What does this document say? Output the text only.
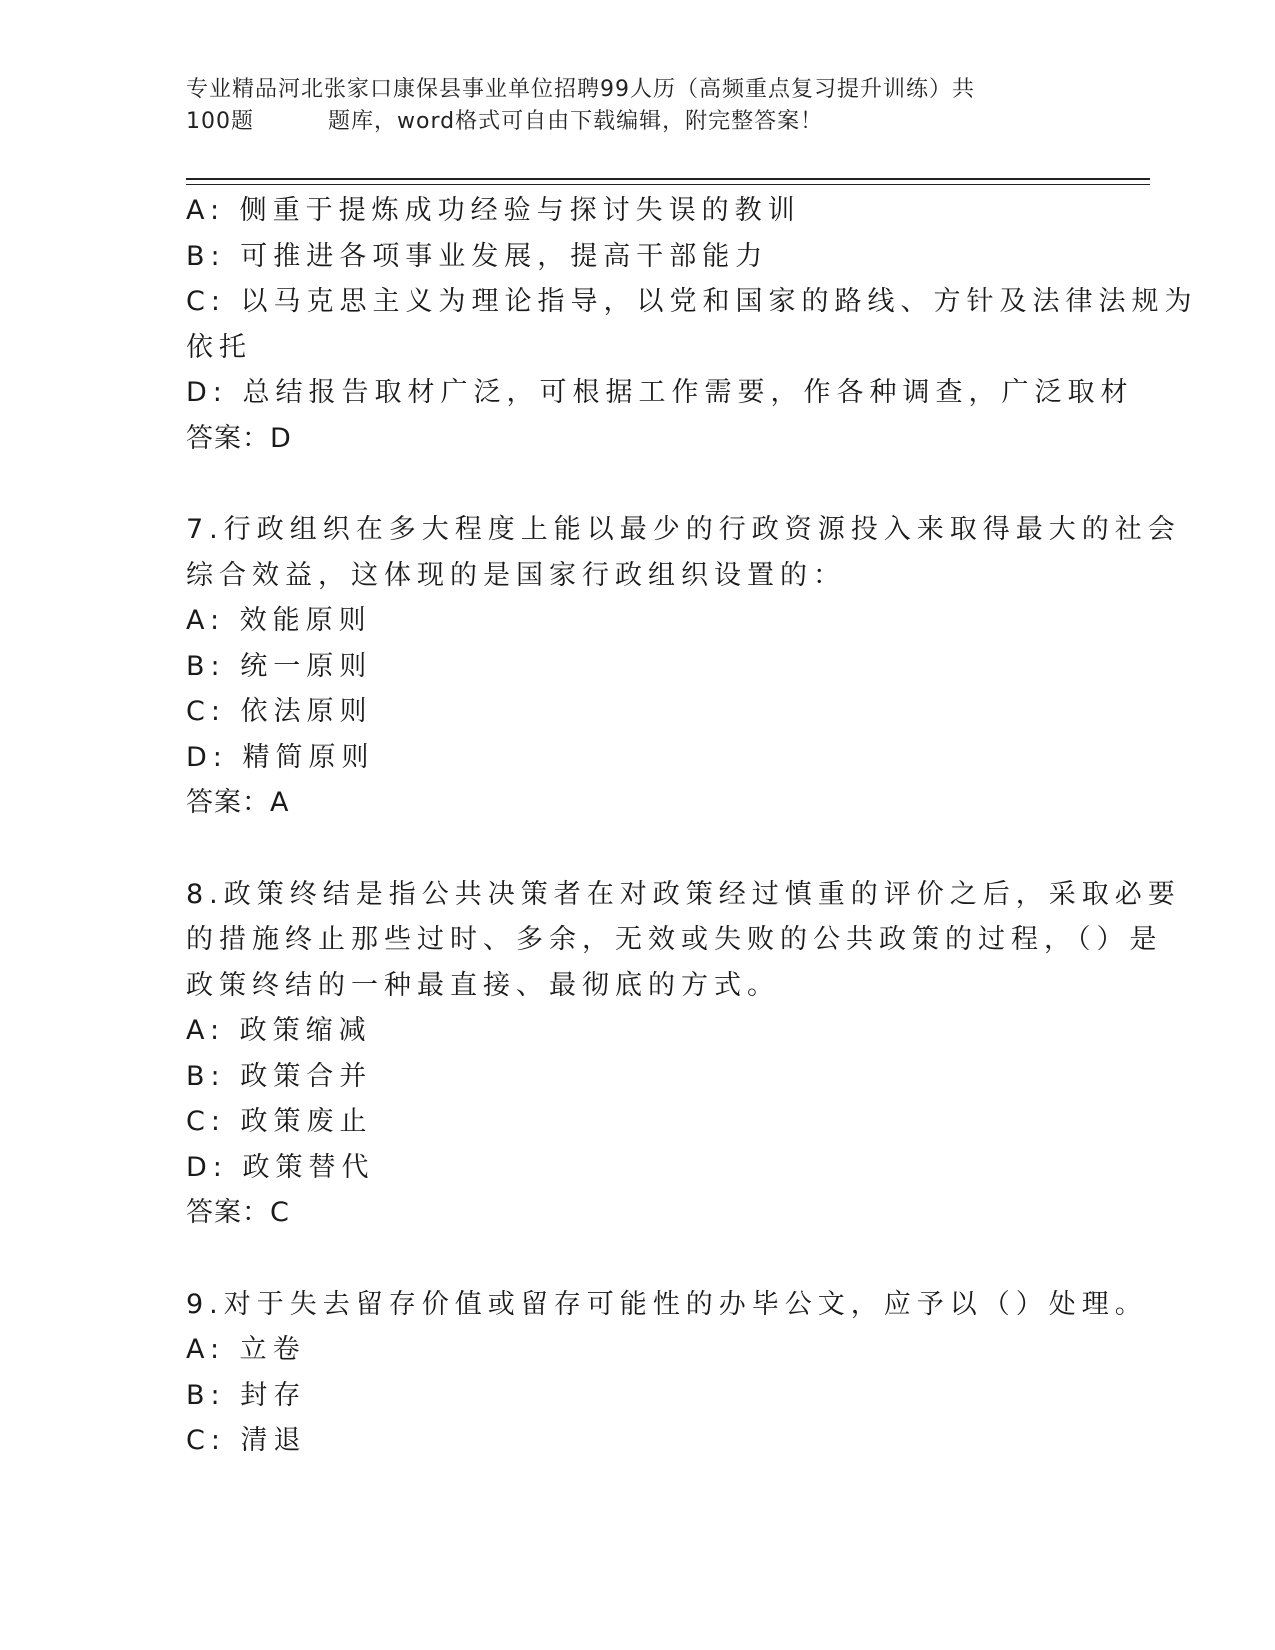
专业精品河北张家口康保县事业单位招聘99人历（高频重点复习提升训练）共
100题	题库，word格式可自由下载编辑，附完整答案！
A: 侧重于提炼成功经验与探讨失误的教训
B: 可推进各项事业发展，提高干部能力
C: 以马克思主义为理论指导，以党和国家的路线、方针及法律法规为
依托
D: 总结报告取材广泛，可根据工作需要，作各种调查，广泛取材
答案：D
7.行政组织在多大程度上能以最少的行政资源投入来取得最大的社会
综合效益，这体现的是国家行政组织设置的：
A: 效能原则
B: 统一原则
C: 依法原则
D: 精简原则
答案：A
8.政策终结是指公共决策者在对政策经过慎重的评价之后，采取必要
的措施终止那些过时、多余，无效或失败的公共政策的过程，（）是
政策终结的一种最直接、最彻底的方式。
A: 政策缩减
B: 政策合并
C: 政策废止
D: 政策替代
答案：C
9.对于失去留存价值或留存可能性的办毕公文，应予以（）处理。
A: 立卷
B: 封存
C: 清退
